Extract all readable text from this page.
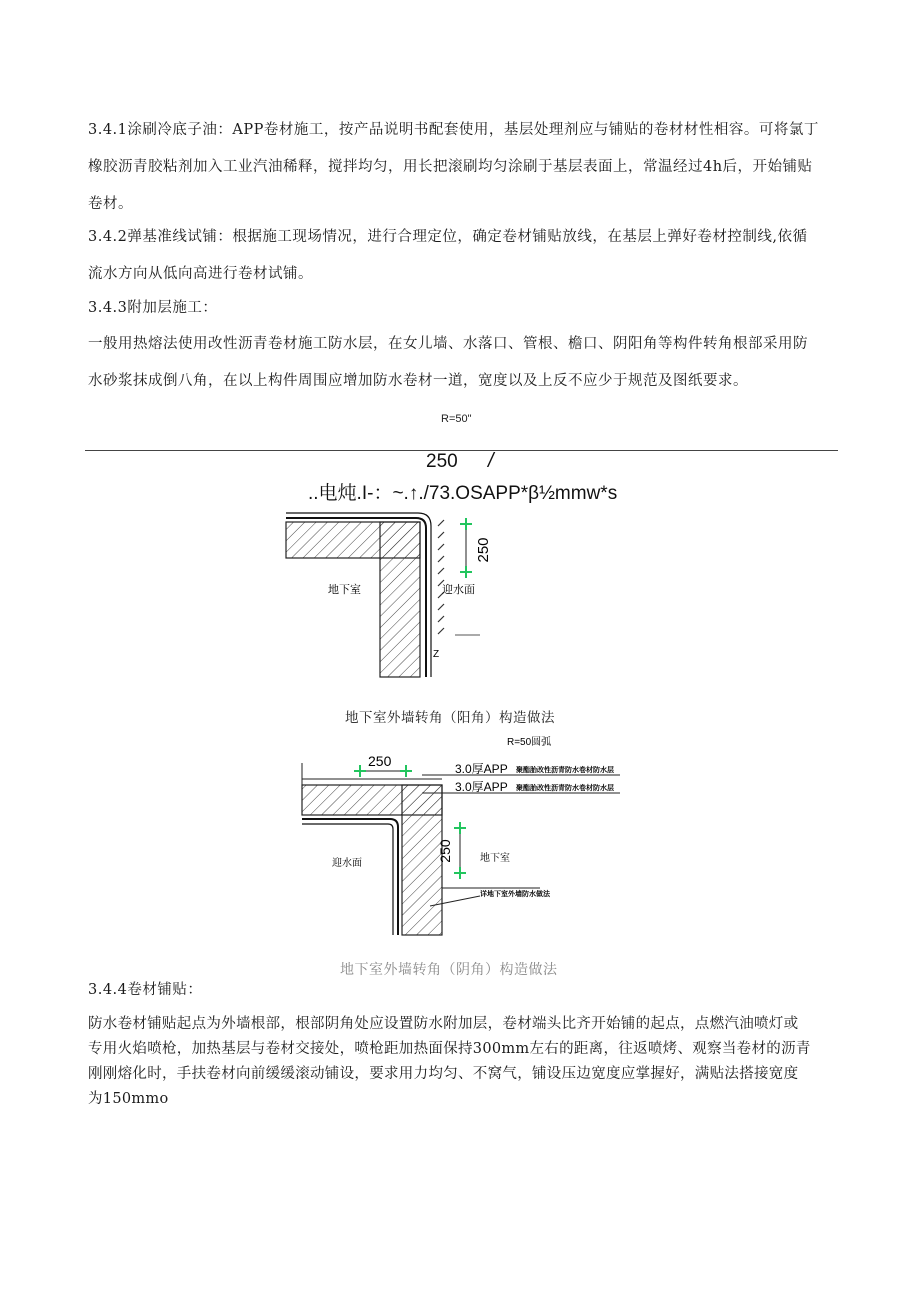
3.4.1涂刷冷底子油：APP卷材施工，按产品说明书配套使用，基层处理剂应与铺贴的卷材材性相容。可将氯丁
橡胶沥青胶粘剂加入工业汽油稀释，搅拌均匀，用长把滚刷均匀涂刷于基层表面上，常温经过4h后，开始铺贴
卷材。
3.4.2弹基准线试铺：根据施工现场情况，进行合理定位，确定卷材铺贴放线，在基层上弹好卷材控制线,依循
流水方向从低向高进行卷材试铺。
3.4.3附加层施工：
一般用热熔法使用改性沥青卷材施工防水层，在女儿墙、水落口、管根、檐口、阴阳角等构件转角根部采用防
水砂浆抹成倒八角，在以上构件周围应增加防水卷材一道，宽度以及上反不应少于规范及图纸要求。
R=50"
250 /
..电炖.I-：~.↑./73.OSAPP*β½mmw*s
250
地下室	迎水面
Z
地下室外墙转角（阳角）构造做法
R=50圆弧
250	3.0厚APP 聚酯胎改性沥青防水卷材防水层
3.0厚APP 聚酯胎改性沥青防水卷材防水层
250
迎水面	地下室
详地下室外墙防水做法
地下室外墙转角（阴角）构造做法
3.4.4卷材铺贴：
防水卷材铺贴起点为外墙根部，根部阴角处应设置防水附加层，卷材端头比齐开始铺的起点，点燃汽油喷灯或
专用火焰喷枪，加热基层与卷材交接处，喷枪距加热面保持300mm左右的距离，往返喷烤、观察当卷材的沥青
刚刚熔化时，手扶卷材向前缓缓滚动铺设，要求用力均匀、不窝气，铺设压边宽度应掌握好，满贴法搭接宽度
为150mmo
